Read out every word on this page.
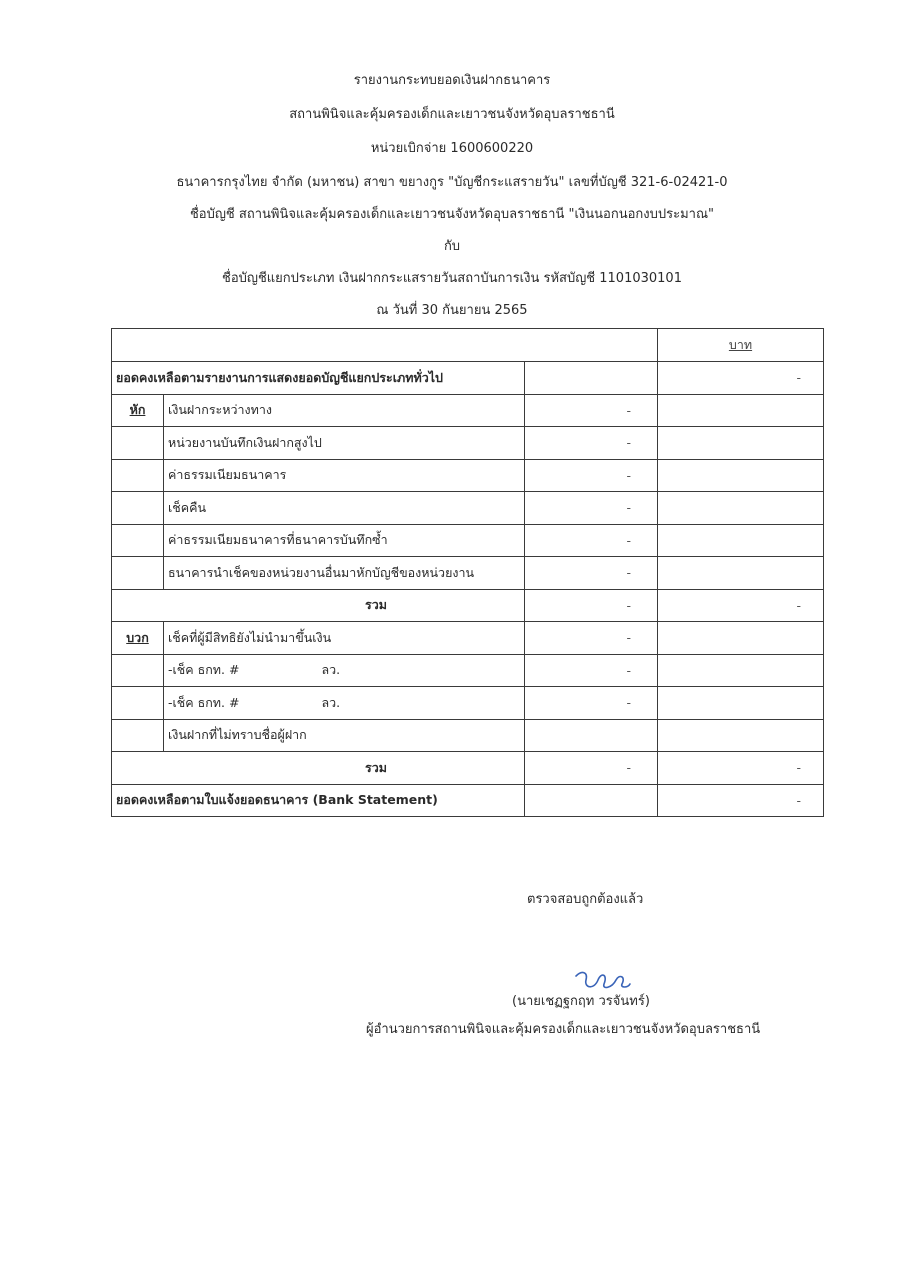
รายงานกระทบยอดเงินฝากธนาคาร
สถานพินิจและคุ้มครองเด็กและเยาวชนจังหวัดอุบลราชธานี
หน่วยเบิกจ่าย 1600600220
ธนาคารกรุงไทย จำกัด (มหาชน) สาขา ขยางกูร "บัญชีกระแสรายวัน" เลขที่บัญชี 321-6-02421-0
ชื่อบัญชี สถานพินิจและคุ้มครองเด็กและเยาวชนจังหวัดอุบลราชธานี "เงินนอกนอกงบประมาณ"
กับ
ชื่อบัญชีแยกประเภท เงินฝากกระแสรายวันสถาบันการเงิน รหัสบัญชี 1101030101
ณ วันที่ 30 กันยายน 2565
			บาท
ยอดคงเหลือตามรายงานการแสดงยอดบัญชีแยกประเภททั่วไป			-
หัก	เงินฝากระหว่างทาง	-	
	หน่วยงานบันทึกเงินฝากสูงไป	-	
	ค่าธรรมเนียมธนาคาร	-	
	เช็คคืน	-	
	ค่าธรรมเนียมธนาคารที่ธนาคารบันทึกซ้ำ	-	
	ธนาคารนำเช็คของหน่วยงานอื่นมาหักบัญชีของหน่วยงาน	-	
รวม		-	-
บวก	เช็คที่ผู้มีสิทธิยังไม่นำมาขึ้นเงิน	-	
	-เช็ค ธกท. # ลว.	-	
	-เช็ค ธกท. # ลว.	-	
	เงินฝากที่ไม่ทราบชื่อผู้ฝาก		
รวม		-	-
ยอดคงเหลือตามใบแจ้งยอดธนาคาร (Bank Statement)			-
ตรวจสอบถูกต้องแล้ว
(นายเชฏฐกฤท วรจันทร์)
ผู้อำนวยการสถานพินิจและคุ้มครองเด็กและเยาวชนจังหวัดอุบลราชธานี
